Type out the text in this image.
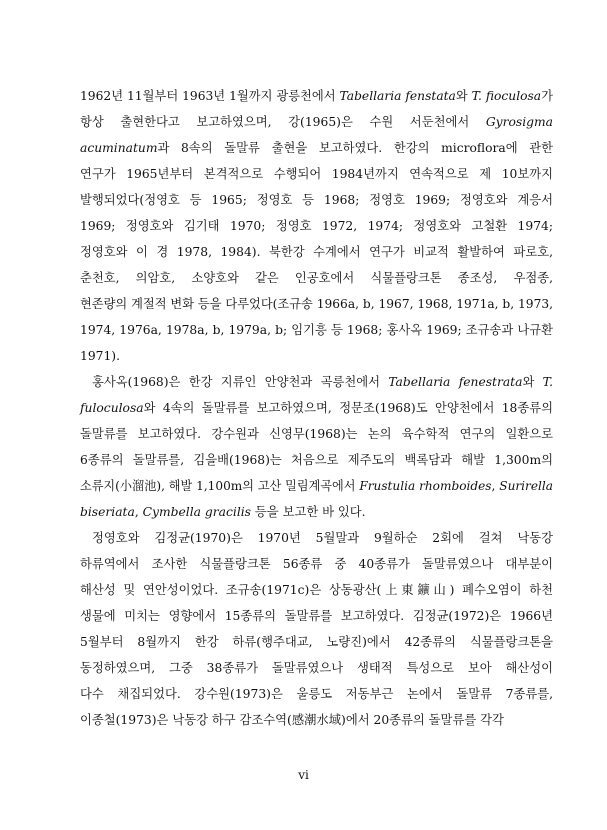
1962년 11월부터 1963년 1월까지 광릉천에서 Tabellaria fenstata와 T. fioculosa가
항상 출현한다고 보고하였으며, 강(1965)은 수원 서둔천에서 Gyrosigma
acuminatum과 8속의 돌말류 출현을 보고하였다. 한강의 microflora에 관한
연구가 1965년부터 본격적으로 수행되어 1984년까지 연속적으로 제 10보까지
발행되었다(정영호 등 1965; 정영호 등 1968; 정영호 1969; 정영호와 계응서
1969; 정영호와 김기태 1970; 정영호 1972, 1974; 정영호와 고철환 1974;
정영호와 이 경 1978, 1984). 북한강 수계에서 연구가 비교적 활발하여 파로호,
춘천호, 의암호, 소양호와 같은 인공호에서 식물플랑크톤 종조성, 우점종,
현존량의 계절적 변화 등을 다루었다(조규송 1966a, b, 1967, 1968, 1971a, b, 1973,
1974, 1976a, 1978a, b, 1979a, b; 임기흥 등 1968; 홍사옥 1969; 조규송과 나규환
1971).

홍사옥(1968)은 한강 지류인 안양천과 곡릉천에서 Tabellaria fenestrata와 T.
fuloculosa와 4속의 돌말류를 보고하였으며, 정문조(1968)도 안양천에서 18종류의
돌말류를 보고하였다. 강수원과 신영무(1968)는 논의 육수학적 연구의 일환으로
6종류의 돌말류를, 김을배(1968)는 처음으로 제주도의 백록담과 해발 1,300m의
소류지(小溜池), 해발 1,100m의 고산 밀림계곡에서 Frustulia rhomboides, Surirella
biseriata, Cymbella gracilis 등을 보고한 바 있다.

정영호와 김정균(1970)은 1970년 5월말과 9월하순 2회에 걸쳐 낙동강
하류역에서 조사한 식물플랑크톤 56종류 중 40종류가 돌말류였으나 대부분이
해산성 및 연안성이었다. 조규송(1971c)은 상동광산(上東鑛山) 폐수오염이 하천
생물에 미치는 영향에서 15종류의 돌말류를 보고하였다. 김정균(1972)은 1966년
5월부터 8월까지 한강 하류(행주대교, 노량진)에서 42종류의 식물플랑크톤을
동정하였으며, 그중 38종류가 돌말류였으나 생태적 특성으로 보아 해산성이
다수 채집되었다. 강수원(1973)은 울릉도 저동부근 논에서 돌말류 7종류를,
이종철(1973)은 낙동강 하구 감조수역(感潮水域)에서 20종류의 돌말류를 각각

vi
